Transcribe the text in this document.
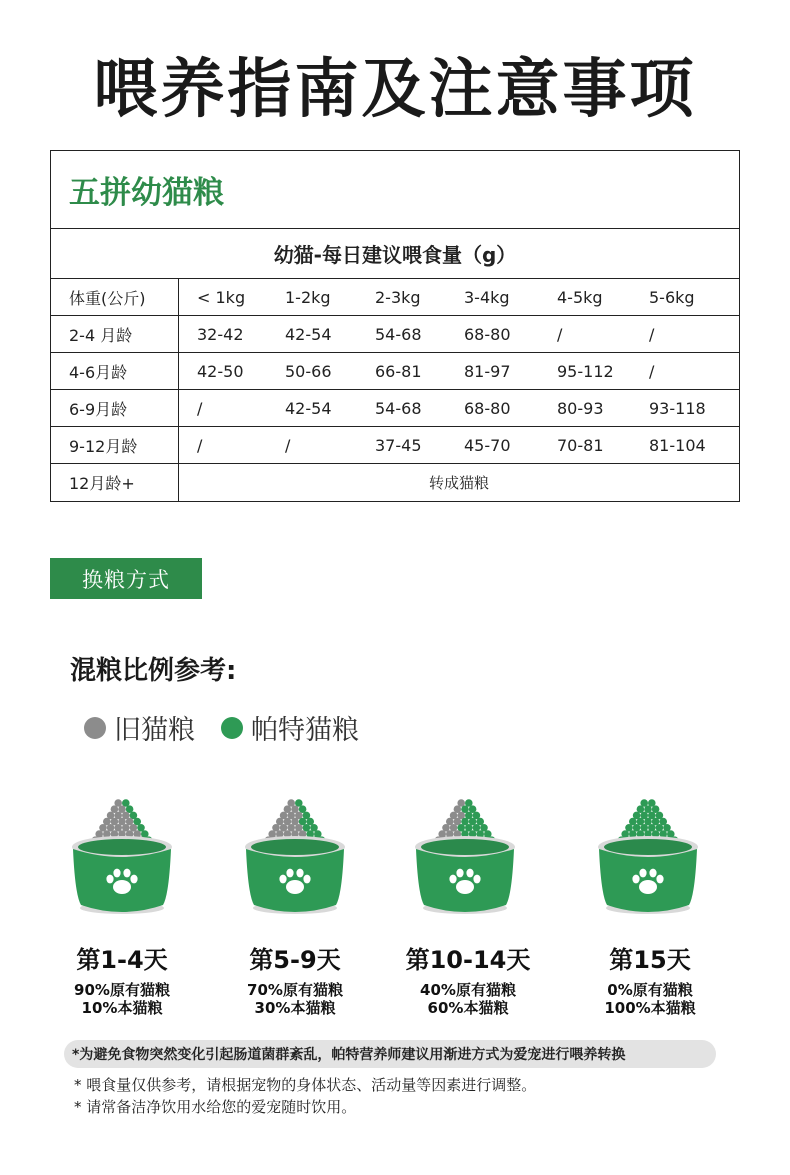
喂养指南及注意事项
五拼幼猫粮
幼猫-每日建议喂食量（g）
体重(公斤)	< 1kg	1-2kg	2-3kg	3-4kg	4-5kg	5-6kg
2-4 月龄	32-42	42-54	54-68	68-80	/	/
4-6月龄	42-50	50-66	66-81	81-97	95-112	/
6-9月龄	/	42-54	54-68	68-80	80-93	93-118
9-12月龄	/	/	37-45	45-70	70-81	81-104
12月龄+	转成猫粮
换粮方式
混粮比例参考:
旧猫粮 帕特猫粮
第1-4天
90%原有猫粮
10%本猫粮
第5-9天
70%原有猫粮
30%本猫粮
第10-14天
40%原有猫粮
60%本猫粮
第15天
0%原有猫粮
100%本猫粮
*为避免食物突然变化引起肠道菌群紊乱，帕特营养师建议用渐进方式为爱宠进行喂养转换
* 喂食量仅供参考，请根据宠物的身体状态、活动量等因素进行调整。
* 请常备洁净饮用水给您的爱宠随时饮用。
